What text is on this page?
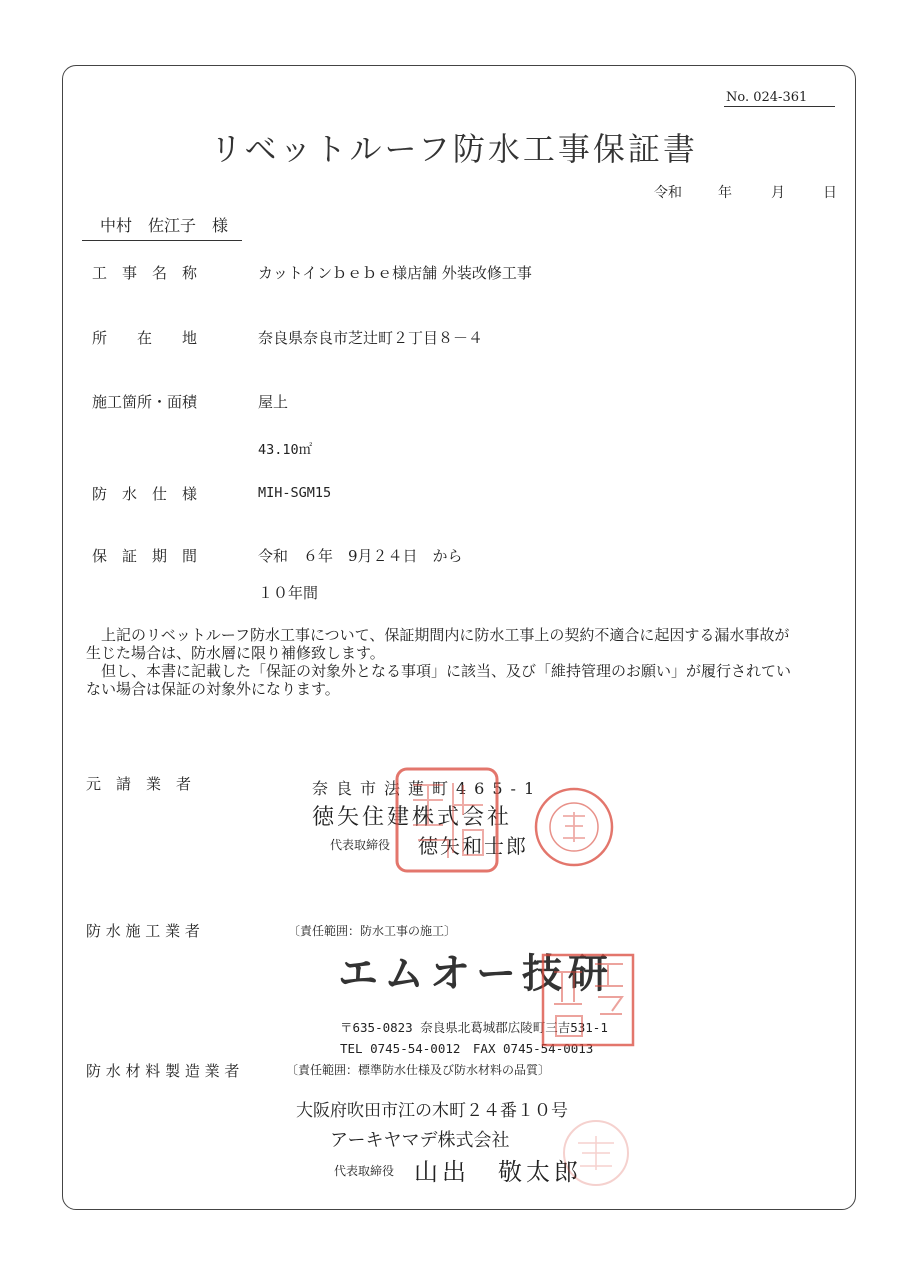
No. 024-361
リベットルーフ防水工事保証書
令和	年	月	日
中村　佐江子　様
工　事　名　称	カットインｂｅｂｅ様店舗 外装改修工事
所　　在　　地	奈良県奈良市芝辻町２丁目８－４
施工箇所・面積	屋上
43.10㎡
防　水　仕　様	MIH-SGM15
保　証　期　間	令和　６年　9月２４日　から
１０年間

上記のリベットルーフ防水工事について、保証期間内に防水工事上の契約不適合に起因する漏水事故が生じた場合は、防水層に限り補修致します。

但し、本書に記載した「保証の対象外となる事項」に該当、及び「維持管理のお願い」が履行されていない場合は保証の対象外になります。

元　請　業　者	奈良市法蓮町465-1
徳矢住建株式会社
代表取締役 徳矢和士郎
防 水 施 工 業 者	〔責任範囲：防水工事の施工〕
エムオー技研
〒635-0823 奈良県北葛城郡広陵町三吉531-1
TEL 0745-54-0012　FAX 0745-54-0013
防 水 材 料 製 造 業 者	〔責任範囲：標準防水仕様及び防水材料の品質〕
大阪府吹田市江の木町２４番１０号
アーキヤマデ株式会社
代表取締役 山出　敬太郎
